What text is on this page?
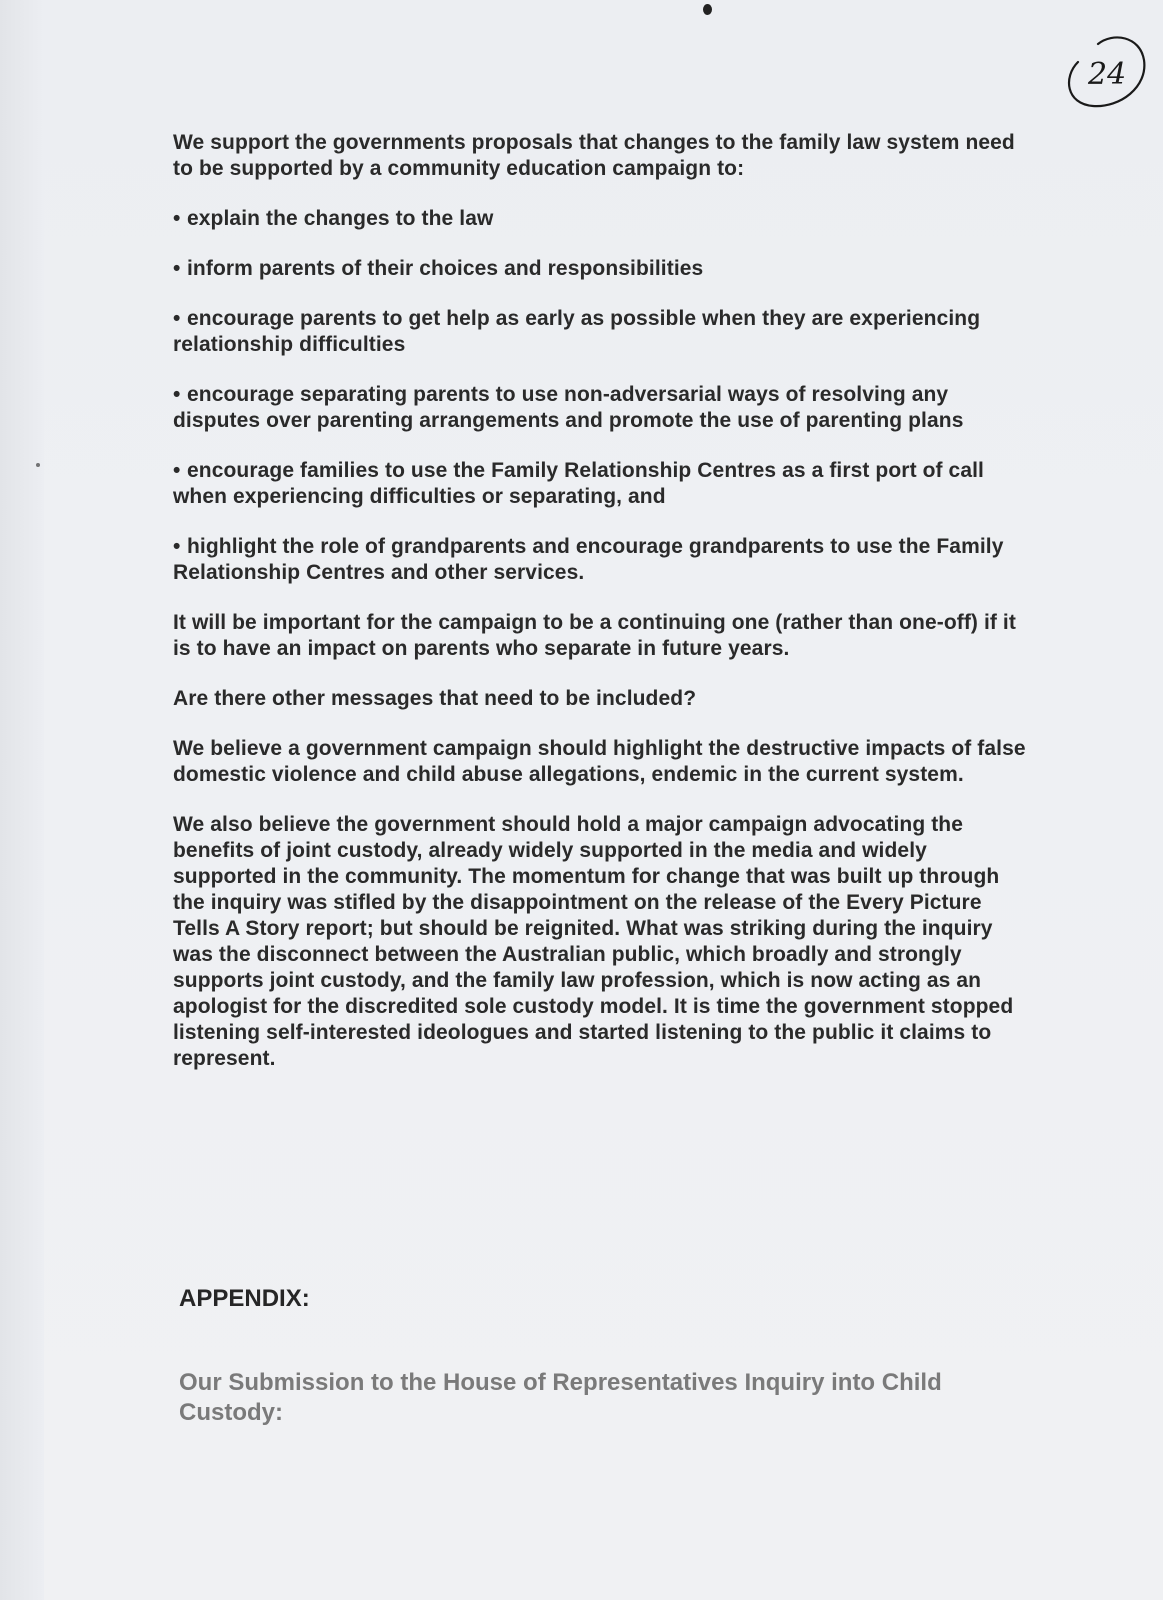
24

We support the governments proposals that changes to the family law system need to be supported by a community education campaign to:

• explain the changes to the law

• inform parents of their choices and responsibilities

• encourage parents to get help as early as possible when they are experiencing relationship difficulties

• encourage separating parents to use non-adversarial ways of resolving any disputes over parenting arrangements and promote the use of parenting plans

• encourage families to use the Family Relationship Centres as a first port of call when experiencing difficulties or separating, and

• highlight the role of grandparents and encourage grandparents to use the Family Relationship Centres and other services.

It will be important for the campaign to be a continuing one (rather than one-off) if it is to have an impact on parents who separate in future years.

Are there other messages that need to be included?

We believe a government campaign should highlight the destructive impacts of false domestic violence and child abuse allegations, endemic in the current system.

We also believe the government should hold a major campaign advocating the benefits of joint custody, already widely supported in the media and widely supported in the community. The momentum for change that was built up through the inquiry was stifled by the disappointment on the release of the Every Picture Tells A Story report; but should be reignited. What was striking during the inquiry was the disconnect between the Australian public, which broadly and strongly supports joint custody, and the family law profession, which is now acting as an apologist for the discredited sole custody model. It is time the government stopped listening self-interested ideologues and started listening to the public it claims to represent.

APPENDIX:
Our Submission to the House of Representatives Inquiry into Child Custody:
